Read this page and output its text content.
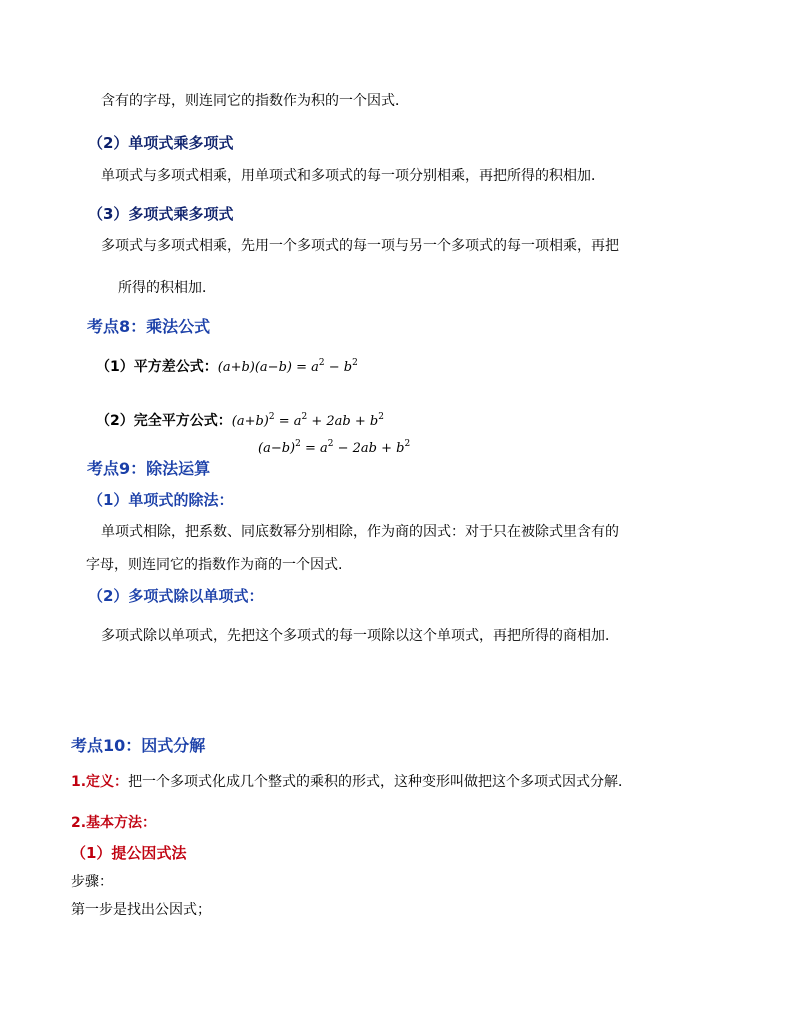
含有的字母，则连同它的指数作为积的一个因式．
（2）单项式乘多项式
单项式与多项式相乘，用单项式和多项式的每一项分别相乘，再把所得的积相加．
（3）多项式乘多项式
多项式与多项式相乘，先用一个多项式的每一项与另一个多项式的每一项相乘，再把
所得的积相加．
考点8：乘法公式
（1）平方差公式：$(a+b)(a-b) = a^2 - b^2$
（2）完全平方公式：$(a+b)^2 = a^2 + 2ab + b^2$
$(a-b)^2 = a^2 - 2ab + b^2$
考点9：除法运算
（1）单项式的除法：
单项式相除，把系数、同底数幂分别相除，作为商的因式：对于只在被除式里含有的
字母，则连同它的指数作为商的一个因式.
（2）多项式除以单项式：
多项式除以单项式，先把这个多项式的每一项除以这个单项式，再把所得的商相加．
考点10：因式分解
1.定义：把一个多项式化成几个整式的乘积的形式，这种变形叫做把这个多项式因式分解．
2.基本方法：
（1）提公因式法
步骤：
第一步是找出公因式；
